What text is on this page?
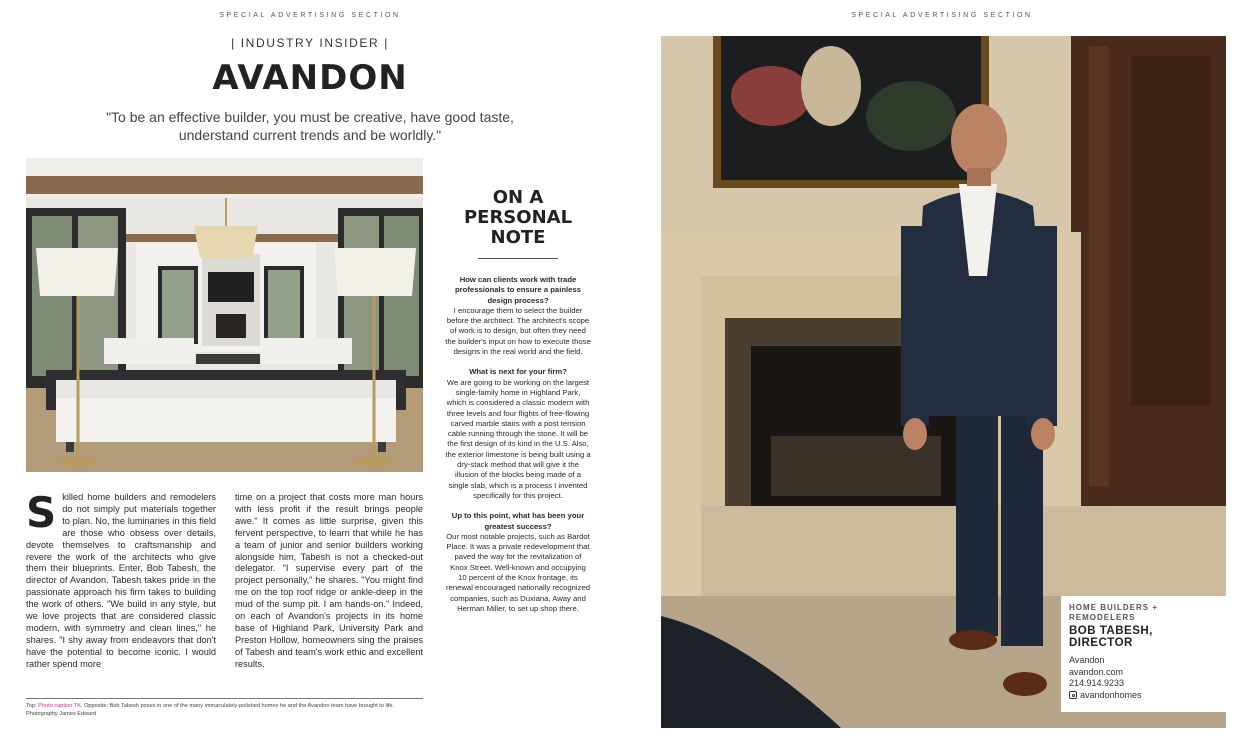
SPECIAL ADVERTISING SECTION
| INDUSTRY INSIDER |
AVANDON
"To be an effective builder, you must be creative, have good taste,
understand current trends and be worldly."
S killed home builders and remodelers do not simply put materials together to plan. No, the luminaries in this field are those who obsess over details, devote themselves to craftsmanship and revere the work of the architects who give them their blueprints. Enter, Bob Tabesh, the director of Avandon. Tabesh takes pride in the passionate approach his firm takes to building the work of others. "We build in any style, but we love projects that are considered classic modern, with symmetry and clean lines," he shares. "I shy away from endeavors that don't have the potential to become iconic. I would rather spend more
time on a project that costs more man hours with less profit if the result brings people awe." It comes as little surprise, given this fervent perspective, to learn that while he has a team of junior and senior builders working alongside him, Tabesh is not a checked-out delegator. "I supervise every part of the project personally," he shares. "You might find me on the top roof ridge or ankle-deep in the mud of the sump pit. I am hands-on." Indeed, on each of Avandon's projects in its home base of Highland Park, University Park and Preston Hollow, homeowners sing the praises of Tabesh and team's work ethic and excellent results.
Top: Photo caption TK. Opposite: Bob Tabesh poses in one of the many immaculately-polished homes he and the Avandon team have brought to life.
Photography James Edward
ON A
PERSONAL
NOTE

How can clients work with trade professionals to ensure a painless design process?
I encourage them to select the builder before the architect. The architect's scope of work is to design, but often they need the builder's input on how to execute those designs in the real world and the field.

What is next for your firm?
We are going to be working on the largest single-family home in Highland Park, which is considered a classic modern with three levels and four flights of free-flowing carved marble stairs with a post tension cable running through the stone. It will be the first design of its kind in the U.S. Also, the exterior limestone is being built using a dry-stack method that will give it the illusion of the blocks being made of a single slab, which is a process I invented specifically for this project.

Up to this point, what has been your greatest success?
Our most notable projects, such as Bardot Place. It was a private redevelopment that paved the way for the revitalization of Knox Street. Well-known and occupying 10 percent of the Knox frontage, its renewal encouraged nationally recognized companies, such as Duxiana, Away and Herman Miller, to set up shop there.

SPECIAL ADVERTISING SECTION
HOME BUILDERS +
REMODELERS
BOB TABESH, DIRECTOR
Avandon
avandon.com
214.914.9233
avandonhomes
